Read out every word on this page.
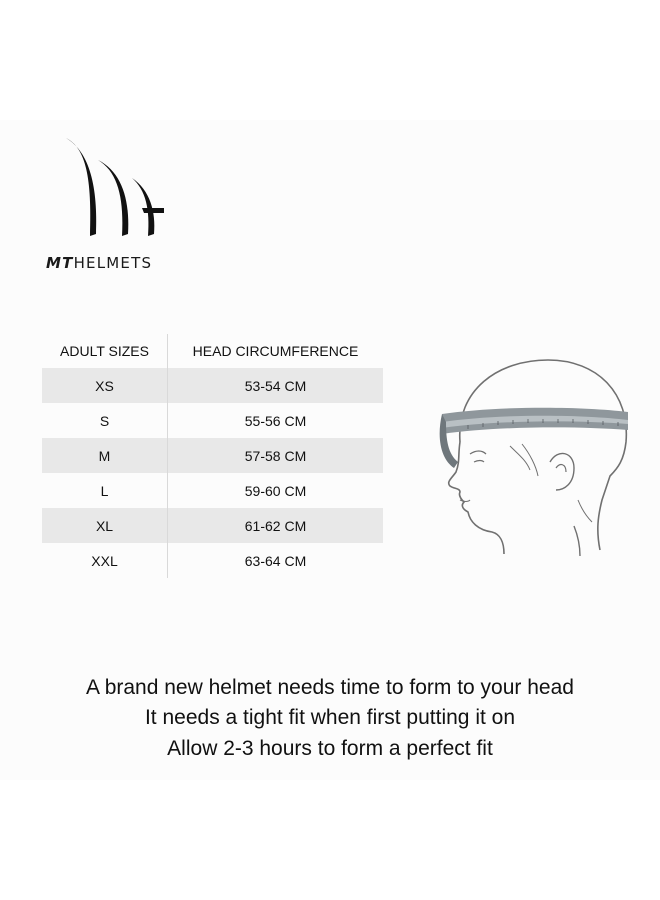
MTHELMETS
ADULT SIZES	HEAD CIRCUMFERENCE
XS	53-54 CM
S	55-56 CM
M	57-58 CM
L	59-60 CM
XL	61-62 CM
XXL	63-64 CM
A brand new helmet needs time to form to your head
It needs a tight fit when first putting it on
Allow 2-3 hours to form a perfect fit
